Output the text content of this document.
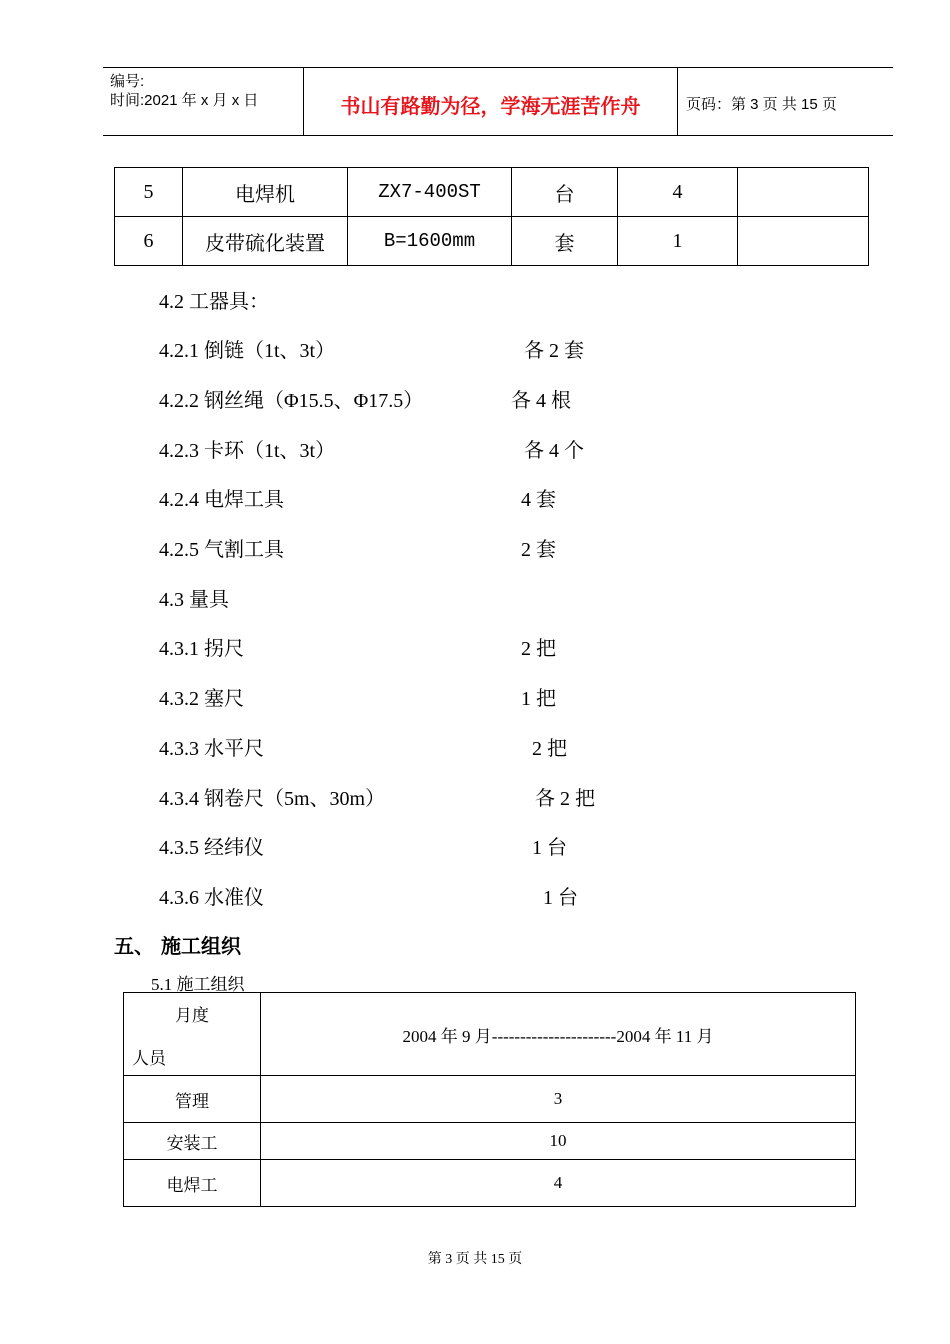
编号:
时间:2021 年 x 月 x 日	书山有路勤为径，学海无涯苦作舟	页码：第 3 页 共 15 页
5	电焊机	ZX7-400ST	台	4	
6	皮带硫化装置	B=1600mm	套	1	
4.2 工器具：
4.2.1 倒链（1t、3t）	各 2 套
4.2.2 钢丝绳（Φ15.5、Φ17.5）	各 4 根
4.2.3 卡环（1t、3t）	各 4 个
4.2.4 电焊工具	4 套
4.2.5 气割工具	2 套
4.3 量具
4.3.1 拐尺	2 把
4.3.2 塞尺	1 把
4.3.3 水平尺	2 把
4.3.4 钢卷尺（5m、30m）	各 2 把
4.3.5 经纬仪	1 台
4.3.6 水准仪	1 台
五、 施工组织
5.1 施工组织
月度
人员	2004 年 9 月----------------------2004 年 11 月
管理	3
安装工	10
电焊工	4
第 3 页 共 15 页
